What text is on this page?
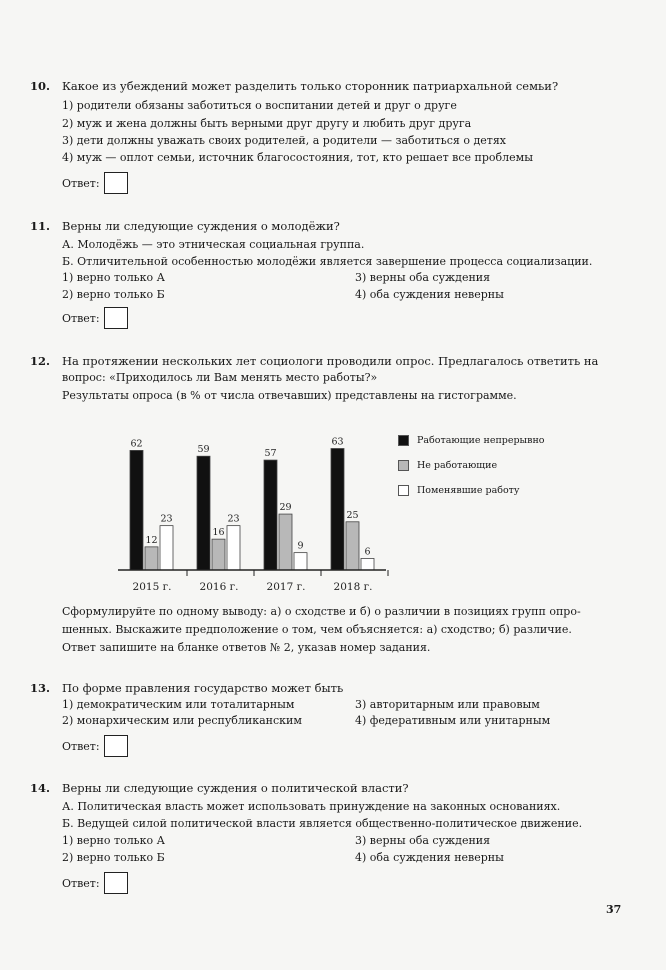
10. Какое из убеждений может разделить только сторонник патриархальной семьи?
1) родители обязаны заботиться о воспитании детей и друг о друге
2) муж и жена должны быть верными друг другу и любить друг друга
3) дети должны уважать своих родителей, а родители — заботиться о детях
4) муж — оплот семьи, источник благосостояния, тот, кто решает все проблемы
Ответ:
11. Верны ли следующие суждения о молодёжи?
А. Молодёжь — это этническая социальная группа.
Б. Отличительной особенностью молодёжи является завершение процесса социализации.
1) верно только А
2) верно только Б
3) верны оба суждения
4) оба суждения неверны
Ответ:
12. На протяжении нескольких лет социологи проводили опрос. Предлагалось ответить на
вопрос: «Приходилось ли Вам менять место работы?»
Результаты опроса (в % от числа отвечавших) представлены на гистограмме.
62
12
23
59
16
23
57
29
9
63
25
6
2015 г.	2016 г.	2017 г.	2018 г.
Работающие непрерывно
Не работающие
Поменявшие работу
Сформулируйте по одному выводу: а) о сходстве и б) о различии в позициях групп опро-
шенных. Выскажите предположение о том, чем объясняется: а) сходство; б) различие.
Ответ запишите на бланке ответов № 2, указав номер задания.
13. По форме правления государство может быть
1) демократическим или тоталитарным
2) монархическим или республиканским
3) авторитарным или правовым
4) федеративным или унитарным
Ответ:
14. Верны ли следующие суждения о политической власти?
А. Политическая власть может использовать принуждение на законных основаниях.
Б. Ведущей силой политической власти является общественно-политическое движение.
1) верно только А
2) верно только Б
3) верны оба суждения
4) оба суждения неверны
Ответ:
37
